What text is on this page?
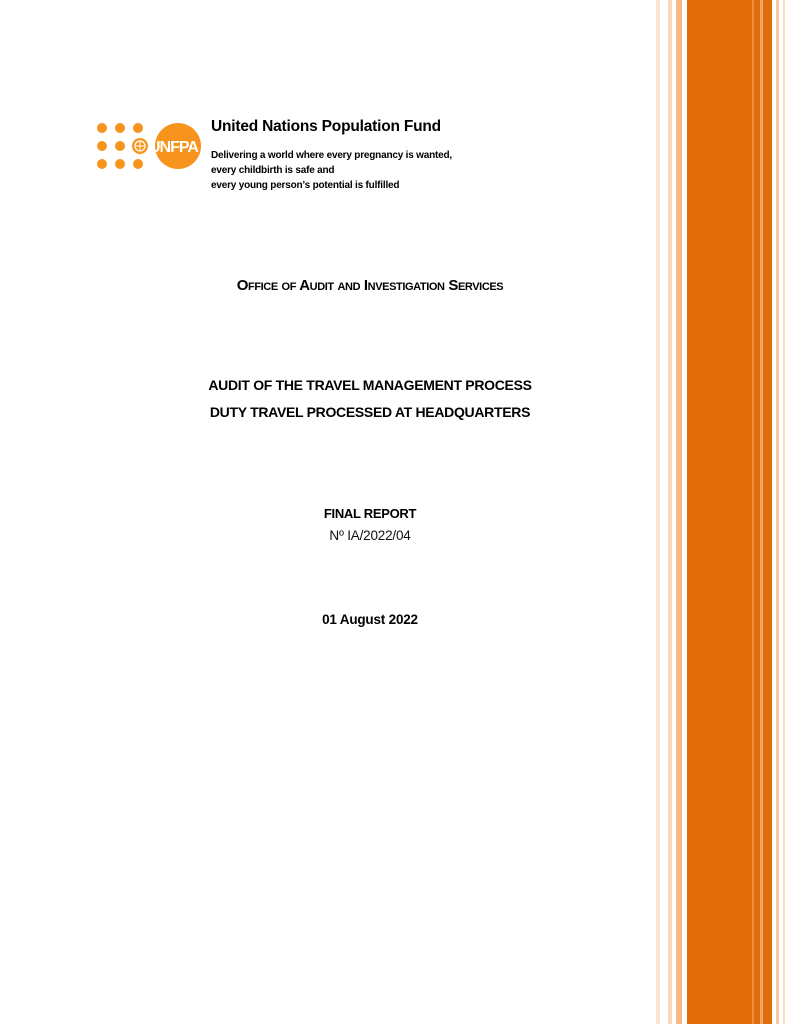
UNFPA

United Nations Population Fund

Delivering a world where every pregnancy is wanted,
every childbirth is safe and
every young person’s potential is fulfilled

Office of Audit and Investigation Services
AUDIT OF THE TRAVEL MANAGEMENT PROCESS
DUTY TRAVEL PROCESSED AT HEADQUARTERS
FINAL REPORT
Nº IA/2022/04
01 August 2022
